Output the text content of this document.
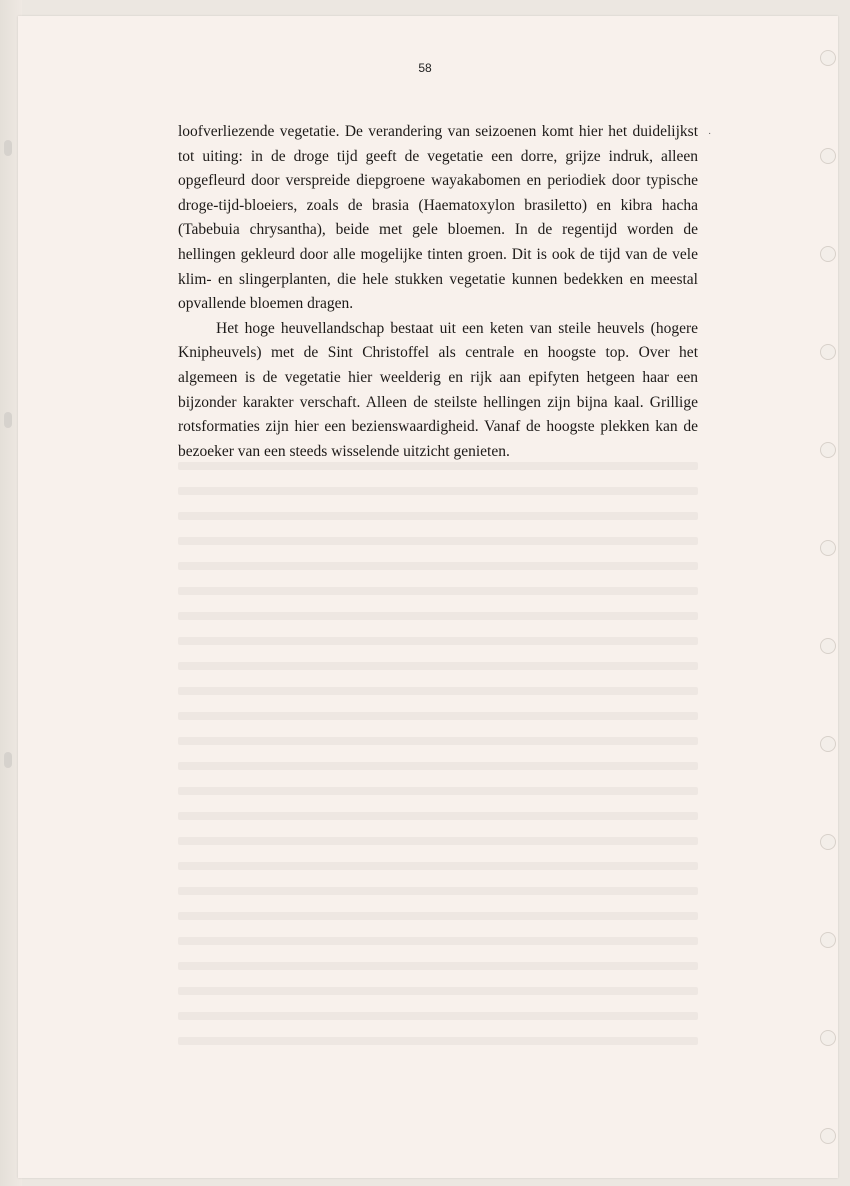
·
58

loofverliezende vegetatie. De verandering van seizoenen komt hier het duidelijkst tot uiting: in de droge tijd geeft de vegetatie een dorre, grijze indruk, alleen opgefleurd door verspreide diepgroene wayakabomen en periodiek door typische droge-tijd-bloeiers, zoals de brasia (Haematoxylon brasiletto) en kibra hacha (Tabebuia chrysantha), beide met gele bloemen. In de regentijd worden de hellingen gekleurd door alle mogelijke tinten groen. Dit is ook de tijd van de vele klim- en slingerplanten, die hele stukken vegetatie kunnen bedekken en meestal opvallende bloemen dragen.

Het hoge heuvellandschap bestaat uit een keten van steile heuvels (hogere Knipheuvels) met de Sint Christoffel als centrale en hoogste top. Over het algemeen is de vegetatie hier weelderig en rijk aan epifyten hetgeen haar een bijzonder karakter verschaft. Alleen de steilste hellingen zijn bijna kaal. Grillige rotsformaties zijn hier een bezienswaardigheid. Vanaf de hoogste plekken kan de bezoeker van een steeds wisselende uitzicht genieten.
